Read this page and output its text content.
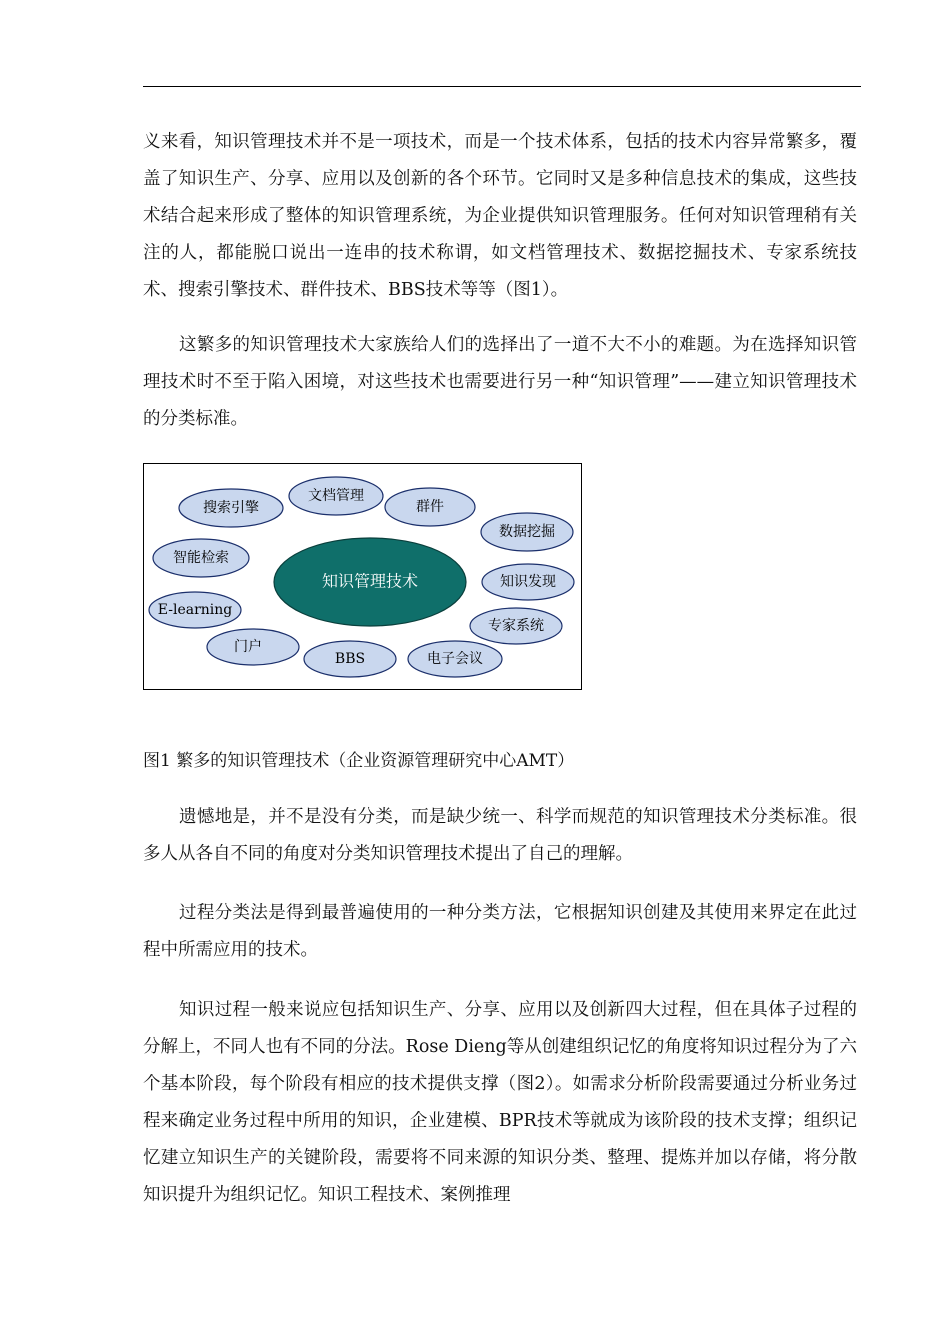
义来看，知识管理技术并不是一项技术，而是一个技术体系，包括的技术内容异常繁多，覆盖了知识生产、分享、应用以及创新的各个环节。它同时又是多种信息技术的集成，这些技术结合起来形成了整体的知识管理系统，为企业提供知识管理服务。任何对知识管理稍有关注的人，都能脱口说出一连串的技术称谓，如文档管理技术、数据挖掘技术、专家系统技术、搜索引擎技术、群件技术、BBS技术等等（图1）。

这繁多的知识管理技术大家族给人们的选择出了一道不大不小的难题。为在选择知识管理技术时不至于陷入困境，对这些技术也需要进行另一种“知识管理”——建立知识管理技术的分类标准。

知识管理技术
搜索引擎
文档管理
群件
数据挖掘
智能检索
知识发现
E-learning
专家系统
门户
BBS	电子会议

图1 繁多的知识管理技术（企业资源管理研究中心AMT）

遗憾地是，并不是没有分类，而是缺少统一、科学而规范的知识管理技术分类标准。很多人从各自不同的角度对分类知识管理技术提出了自己的理解。

过程分类法是得到最普遍使用的一种分类方法，它根据知识创建及其使用来界定在此过程中所需应用的技术。

知识过程一般来说应包括知识生产、分享、应用以及创新四大过程，但在具体子过程的分解上，不同人也有不同的分法。Rose Dieng等从创建组织记忆的角度将知识过程分为了六个基本阶段，每个阶段有相应的技术提供支撑（图2）。如需求分析阶段需要通过分析业务过程来确定业务过程中所用的知识，企业建模、BPR技术等就成为该阶段的技术支撑；组织记忆建立知识生产的关键阶段，需要将不同来源的知识分类、整理、提炼并加以存储，将分散知识提升为组织记忆。知识工程技术、案例推理
